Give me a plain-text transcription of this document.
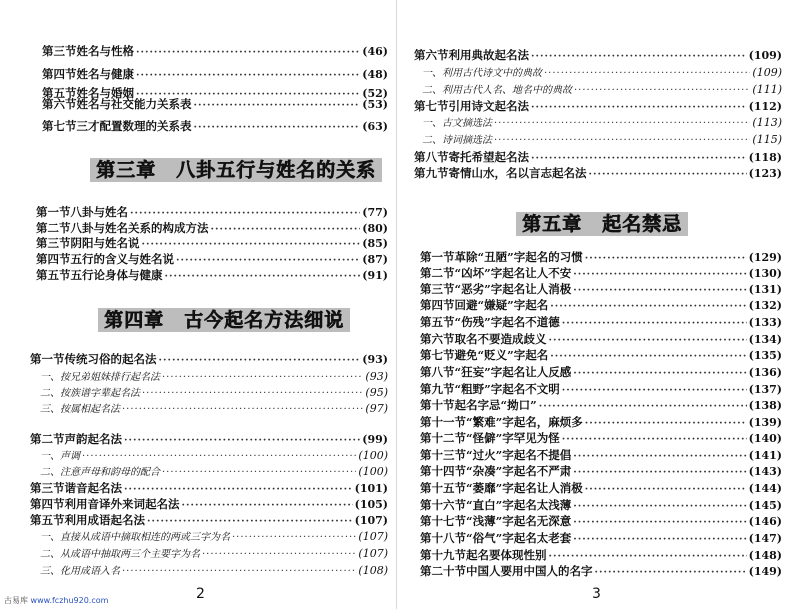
第三节 姓名与性格 ·····	(46)
第四节 姓名与健康 ·····	(48)
第五节 姓名与婚姻 ·····	(52)
第六节 姓名与社交能力关系表 ·····	(53)
第七节 三才配置数理的关系表 ·····	(63)
第三章　八卦五行与姓名的关系
第一节 八卦与姓名 ·····	(77)
第二节 八卦与姓名关系的构成方法 ·····	(80)
第三节 阴阳与姓名说 ·····	(85)
第四节 五行的含义与姓名说 ·····	(87)
第五节 五行论身体与健康 ·····	(91)
第四章　古今起名方法细说
第一节 传统习俗的起名法 ·····	(93)
一、按兄弟姐妹排行起名法 ·····	(93)
二、按族谱字辈起名法 ·····	(95)
三、按属相起名法 ·····	(97)
第二节 声韵起名法 ·····	(99)
一、声调 ·····	(100)
二、注意声母和韵母的配合 ·····	(100)
第三节 谐音起名法 ·····	(101)
第四节 利用音译外来词起名法 ·····	(105)
第五节 利用成语起名法 ·····	(107)
一、直接从成语中摘取相连的两或三字为名 ·····	(107)
二、从成语中抽取两三个主要字为名 ·····	(107)
三、化用成语入名 ·····	(108)
2
第六节 利用典故起名法 ·····	(109)
一、利用古代诗文中的典故 ·····	(109)
二、利用古代人名、地名中的典故 ·····	(111)
第七节 引用诗文起名法 ·····	(112)
一、古文摘选法 ·····	(113)
二、诗词摘选法 ·····	(115)
第八节 寄托希望起名法 ·····	(118)
第九节 寄情山水，名以言志起名法 ·····	(123)
第五章　起名禁忌
第一节 革除“丑陋”字起名的习惯 ·····	(129)
第二节 “凶坏”字起名让人不安 ·····	(130)
第三节 “恶劣”字起名让人消极 ·····	(131)
第四节 回避“嫌疑”字起名 ·····	(132)
第五节 “伤残”字起名不道德 ·····	(133)
第六节 取名不要造成歧义 ·····	(134)
第七节 避免“贬义”字起名 ·····	(135)
第八节 “狂妄”字起名让人反感 ·····	(136)
第九节 “粗野”字起名不文明 ·····	(137)
第十节 起名字忌“拗口” ·····	(138)
第十一节 “繁难”字起名，麻烦多 ·····	(139)
第十二节 “怪僻”字罕见为怪 ·····	(140)
第十三节 “过火”字起名不提倡 ·····	(141)
第十四节 “杂凑”字起名不严肃 ·····	(143)
第十五节 “萎靡”字起名让人消极 ·····	(144)
第十六节 “直白”字起名太浅薄 ·····	(145)
第十七节 “浅薄”字起名无深意 ·····	(146)
第十八节 “俗气”字起名太老套 ·····	(147)
第十九节 起名要体现性别 ·····	(148)
第二十节 中国人要用中国人的名字 ·····	(149)
3
古易库 www.fczhu920.com
